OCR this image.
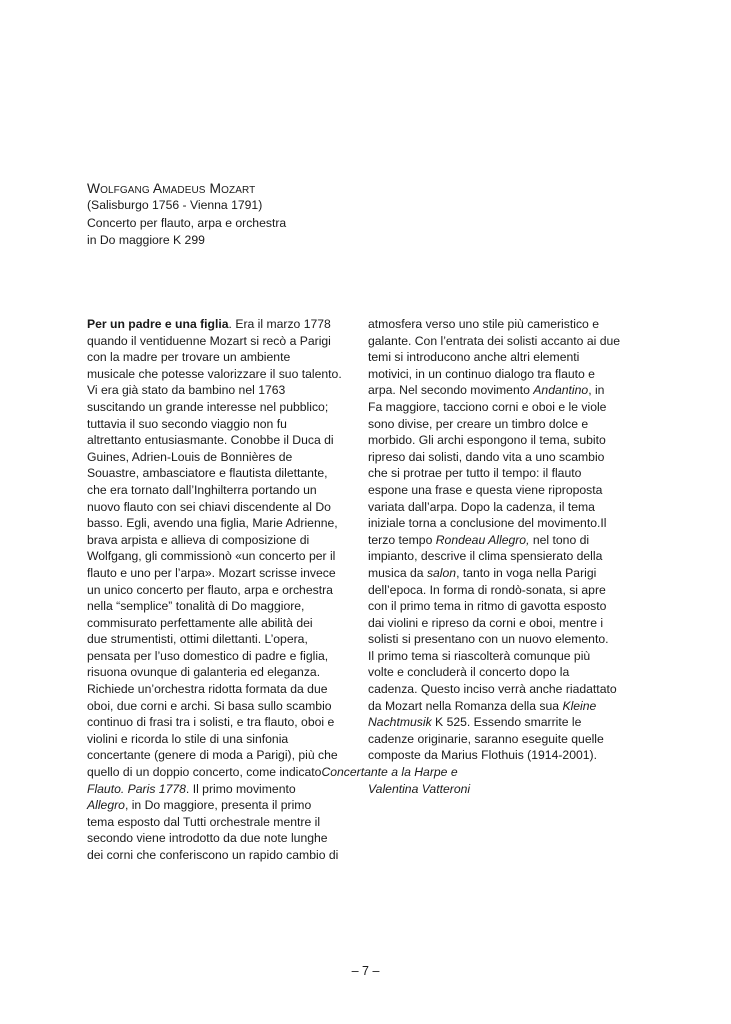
Wolfgang Amadeus Mozart
(Salisburgo 1756 - Vienna 1791)
Concerto per flauto, arpa e orchestra
in Do maggiore K 299

Per un padre e una figlia. Era il marzo 1778
quando il ventiduenne Mozart si recò a Parigi
con la madre per trovare un ambiente
musicale che potesse valorizzare il suo talento.
Vi era già stato da bambino nel 1763
suscitando un grande interesse nel pubblico;
tuttavia il suo secondo viaggio non fu
altrettanto entusiasmante. Conobbe il Duca di
Guines, Adrien-Louis de Bonnières de
Souastre, ambasciatore e flautista dilettante,
che era tornato dall’Inghilterra portando un
nuovo flauto con sei chiavi discendente al Do
basso. Egli, avendo una figlia, Marie Adrienne,
brava arpista e allieva di composizione di
Wolfgang, gli commissionò «un concerto per il
flauto e uno per l’arpa». Mozart scrisse invece
un unico concerto per flauto, arpa e orchestra
nella “semplice” tonalità di Do maggiore,
commisurato perfettamente alle abilità dei
due strumentisti, ottimi dilettanti. L’opera,
pensata per l’uso domestico di padre e figlia,
risuona ovunque di galanteria ed eleganza.
Richiede un’orchestra ridotta formata da due
oboi, due corni e archi. Si basa sullo scambio
continuo di frasi tra i solisti, e tra flauto, oboi e
violini e ricorda lo stile di una sinfonia
concertante (genere di moda a Parigi), più che
quello di un doppio concerto, come indicatoConcertante a la Harpe e
Flauto. Paris 1778. Il primo movimento
Allegro, in Do maggiore, presenta il primo
tema esposto dal Tutti orchestrale mentre il
secondo viene introdotto da due note lunghe
dei corni che conferiscono un rapido cambio di

atmosfera verso uno stile più cameristico e
galante. Con l’entrata dei solisti accanto ai due
temi si introducono anche altri elementi
motivici, in un continuo dialogo tra flauto e
arpa. Nel secondo movimento Andantino, in
Fa maggiore, tacciono corni e oboi e le viole
sono divise, per creare un timbro dolce e
morbido. Gli archi espongono il tema, subito
ripreso dai solisti, dando vita a uno scambio
che si protrae per tutto il tempo: il flauto
espone una frase e questa viene riproposta
variata dall’arpa. Dopo la cadenza, il tema
iniziale torna a conclusione del movimento.Il
terzo tempo Rondeau Allegro, nel tono di
impianto, descrive il clima spensierato della
musica da salon, tanto in voga nella Parigi
dell’epoca. In forma di rondò-sonata, si apre
con il primo tema in ritmo di gavotta esposto
dai violini e ripreso da corni e oboi, mentre i
solisti si presentano con un nuovo elemento.
Il primo tema si riascolterà comunque più
volte e concluderà il concerto dopo la
cadenza. Questo inciso verrà anche riadattato
da Mozart nella Romanza della sua Kleine
Nachtmusik K 525. Essendo smarrite le
cadenze originarie, saranno eseguite quelle
composte da Marius Flothuis (1914-2001).

Valentina Vatteroni

– 7 –
